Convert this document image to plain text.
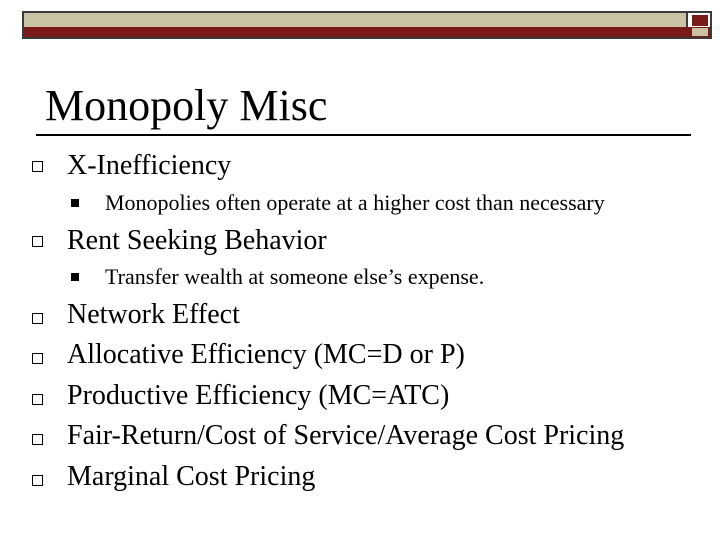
Monopoly Misc
X-Inefficiency
Monopolies often operate at a higher cost than necessary
Rent Seeking Behavior
Transfer wealth at someone else’s expense.
Network Effect
Allocative Efficiency (MC=D or P)
Productive Efficiency (MC=ATC)
Fair-Return/Cost of Service/Average Cost Pricing
Marginal Cost Pricing
